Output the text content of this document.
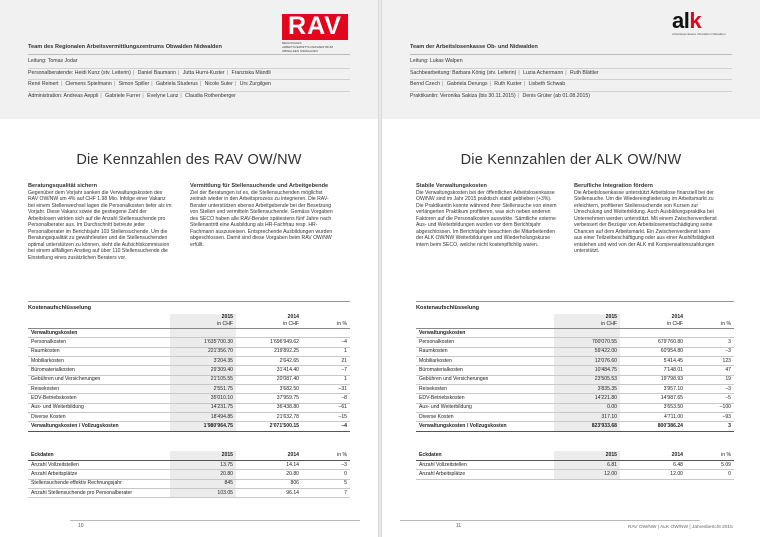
RAV
REGIONALES ARBEITSVERMITTLUNGSZENTRUM OBWALDEN NIDWALDEN
Team des Regionalen Arbeitsvermittlungszentrums Obwalden Nidwalden
Leitung: Tomas Jodar
Personalberatende: Heidi Kunz (stv. Leiterin) | Daniel Baumann | Jutta Hurni-Kuster | Franziska Mändli
René Reinert | Clemens Spielmann | Simon Spiller | Gabriela Studerus | Nicole Suter | Urs Zurgilgen
Administration: Andreas Aeppli | Gabriele Furrer | Evelyne Lanz | Claudia Rothenberger
Die Kennzahlen des RAV OW/NW
Beratungsqualität sichern
Gegenüber dem Vorjahr sanken die Verwaltungskosten des RAV OW/NW um 4% auf CHF 1.98 Mio. Infolge einer Vakanz bei einem Stellenwechsel lagen die Personalkosten tiefer als im Vorjahr. Diese Vakanz sowie die gestiegene Zahl der Arbeitslosen wirkten sich auf die Anzahl Stellensuchende pro Personalberater aus. Im Durchschnitt betreute jeder Personalberater im Berichtsjahr 103 Stellensuchende. Um die Beratungsqualität zu gewährleisten und die Stellensuchenden optimal unterstützen zu können, sieht die Aufsichtskommission bei einem allfälligen Anstieg auf über 110 Stellensuchende die Einstellung eines zusätzlichen Beraters vor.
Vermittlung für Stellensuchende und Arbeitgebende
Ziel der Beratungen ist es, die Stellensuchenden möglichst zeitnah wieder in den Arbeitsprozess zu integrieren. Die RAV-Berater unterstützen ebenso Arbeitgebende bei der Besetzung von Stellen und vermitteln Stellensuchende. Gemäss Vorgaben des SECO haben alle RAV-Berater spätestens fünf Jahre nach Stellenantritt eine Ausbildung als HR-Fachfrau resp. HR-Fachmann auszuweisen. Entsprechende Ausbildungen wurden abgeschlossen. Damit sind diese Vorgaben beim RAV OW/NW erfüllt.
Kostenaufschlüsselung
	2015
in CHF	2014
in CHF	in %

Verwaltungskosten			
Personalkosten	1'635'700.30	1'696'949.62	–4
Raumkosten	221'356.70	219'892.25	1
Mobiliarkosten	3'204.35	2'642.65	21
Büromaterialkosten	29'309.40	31'414.40	–7
Gebühren und Versicherungen	21'105.55	20'087.40	1
Reisekosten	2'551.75	3'682.50	–31
EDV-Betriebskosten	35'010.10	37'959.75	–8
Aus- und Weiterbildung	14'231.75	36'438.80	–61
Diverse Kosten	18'494.85	21'632.78	–15
Verwaltungskosten / Vollzugskosten	1'980'964.75	2'071'500.15	–4
Eckdaten	2015	2014	in %
Anzahl Vollzeitstellen	13.75	14.14	–3
Anzahl Arbeitsplätze	20.80	20.80	0
Stellensuchende effektiv Rechnungsjahr	845	806	5
Anzahl Stellensuchende pro Personalberater	103.05	96.14	7
10
alk
Arbeitslosenkasse Obwalden Nidwalden
Team der Arbeitslosenkasse Ob- und Nidwalden
Leitung: Lukas Walpen
Sachbearbeitung: Barbara König (stv. Leiterin) | Luzia Achermann | Ruth Blättler
Bernd Czech | Gabriela Derungs | Ruth Kuster | Lisbeth Schwab
Praktikantin: Veronika Sakiza (bis 30.11.2015) | Denis Grüter (ab 01.08.2015)
Die Kennzahlen der ALK OW/NW
Stabile Verwaltungskosten
Die Verwaltungskosten bei der öffentlichen Arbeitslosenkasse OW/NW sind im Jahr 2015 praktisch stabil geblieben (+3%). Die Praktikantin konnte während ihrer Stellensuche von einem verlängerten Praktikum profitieren, was sich neben anderen Faktoren auf die Personalkosten auswirkte. Sämtliche externe Aus- und Weiterbildungen wurden vor dem Berichtsjahr abgeschlossen. Im Berichtsjahr besuchten die Mitarbeitenden der ALK OW/NW Weiterbildungen und Wiederholungskurse intern beim SECO, welche nicht kostenpflichtig waren.
Berufliche Integration fördern
Die Arbeitslosenkasse unterstützt Arbeitslose finanziell bei der Stellensuche. Um die Wiedereingliederung im Arbeitsmarkt zu erleichtern, profitieren Stellensuchende von Kursen zur Umschulung und Weiterbildung. Auch Ausbildungspraktika bei Unternehmen werden unterstützt. Mit einem Zwischenverdienst verbessert der Bezüger von Arbeitslosenentschädigung seine Chancen auf dem Arbeitsmarkt. Ein Zwischenverdienst kann aus einer Teilzeitbeschäftigung oder aus einer Aushilfstätigkeit entstehen und wird von der ALK mit Kompensationszahlungen unterstützt.
Kostenaufschlüsselung
	2015
in CHF	2014
in CHF	in %

Verwaltungskosten			
Personalkosten	700'070.55	679'760.80	3
Raumkosten	59'422.00	60'954.80	–3
Mobiliarkosten	12'076.60	5'414.45	123
Büromaterialkosten	10'484.75	7'148.01	47
Gebühren und Versicherungen	23'505.53	19'798.93	19
Reisekosten	3'835.35	3'957.10	–3
EDV-Betriebskosten	14'221.80	14'987.65	–5
Aus- und Weiterbildung	0.00	3'653.50	–100
Diverse Kosten	317.10	4'711.00	–93
Verwaltungskosten / Vollzugskosten	823'933.68	800'386.24	3
Eckdaten	2015	2014	in %
Anzahl Vollzeitstellen	6.81	6.48	5.09
Anzahl Arbeitsplätze	12.00	12.00	0
11	RAV OW/NW | ALK OW/NW | Jahresbericht 2015
